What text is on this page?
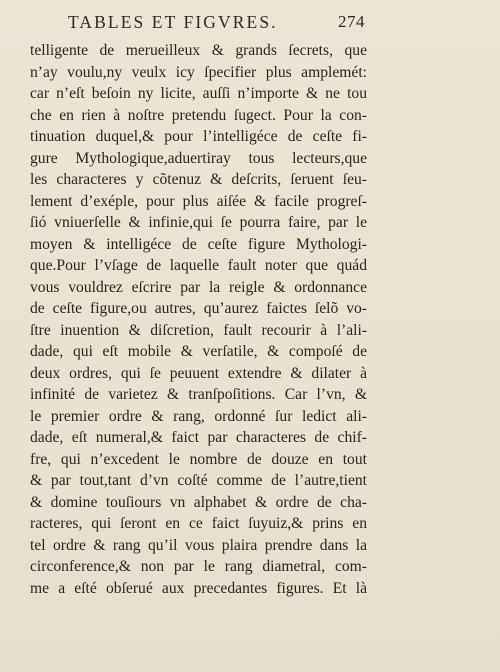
TABLES ET FIGVRES.	274
telligente de meruеilleux & grands ſecrets, que
n’ay voulu,ny veulx icy ſpecifier plus amplemét:
car n’eſt beſoin ny licite, auſſi n’importe & ne tou
che en rien à noſtre pretendu ſugect. Pour la con-
tinuation duquel,& pour l’intelligéce de ceſte fi-
gure Mythologique,aduertiray tous lecteurs,que
les characteres y cõtenuz & deſcrits, ſeruent ſeu-
lement d’exéple, pour plus aiſée & facile progreſ-
ſió vniuerſelle & infinie,qui ſe pourra faire, par le
moyen & intelligéce de ceſte figure Mythologi-
que.Pour l’vſage de laquelle fault noter que quád
vous vouldrez eſcrire par la reigle & ordonnance
de ceſte figure,ou autres, qu’aurez faictes ſelõ vo-
ſtre inuention & diſcretion, fault recourir à l’ali-
dade, qui eſt mobile & verſatile, & compoſé de
deux ordres, qui ſe peuuent extendre & dilater à
infinité de varietez & tranſpoſitions. Car l’vn, &
le premier ordre & rang, ordonné ſur ledict ali-
dade, eſt numeral,& faict par characteres de chif-
fre, qui n’excedent le nombre de douze en tout
& par tout,tant d’vn coſté comme de l’autre,tient
& domine touſiours vn alphabet & ordre de cha-
racteres, qui ſeront en ce faict ſuyuiz,& prins en
tel ordre & rang qu’il vous plaira prendre dans la
circonference,& non par le rang diametral, com-
me a eſté obſerué aux precedantes figures. Et là
